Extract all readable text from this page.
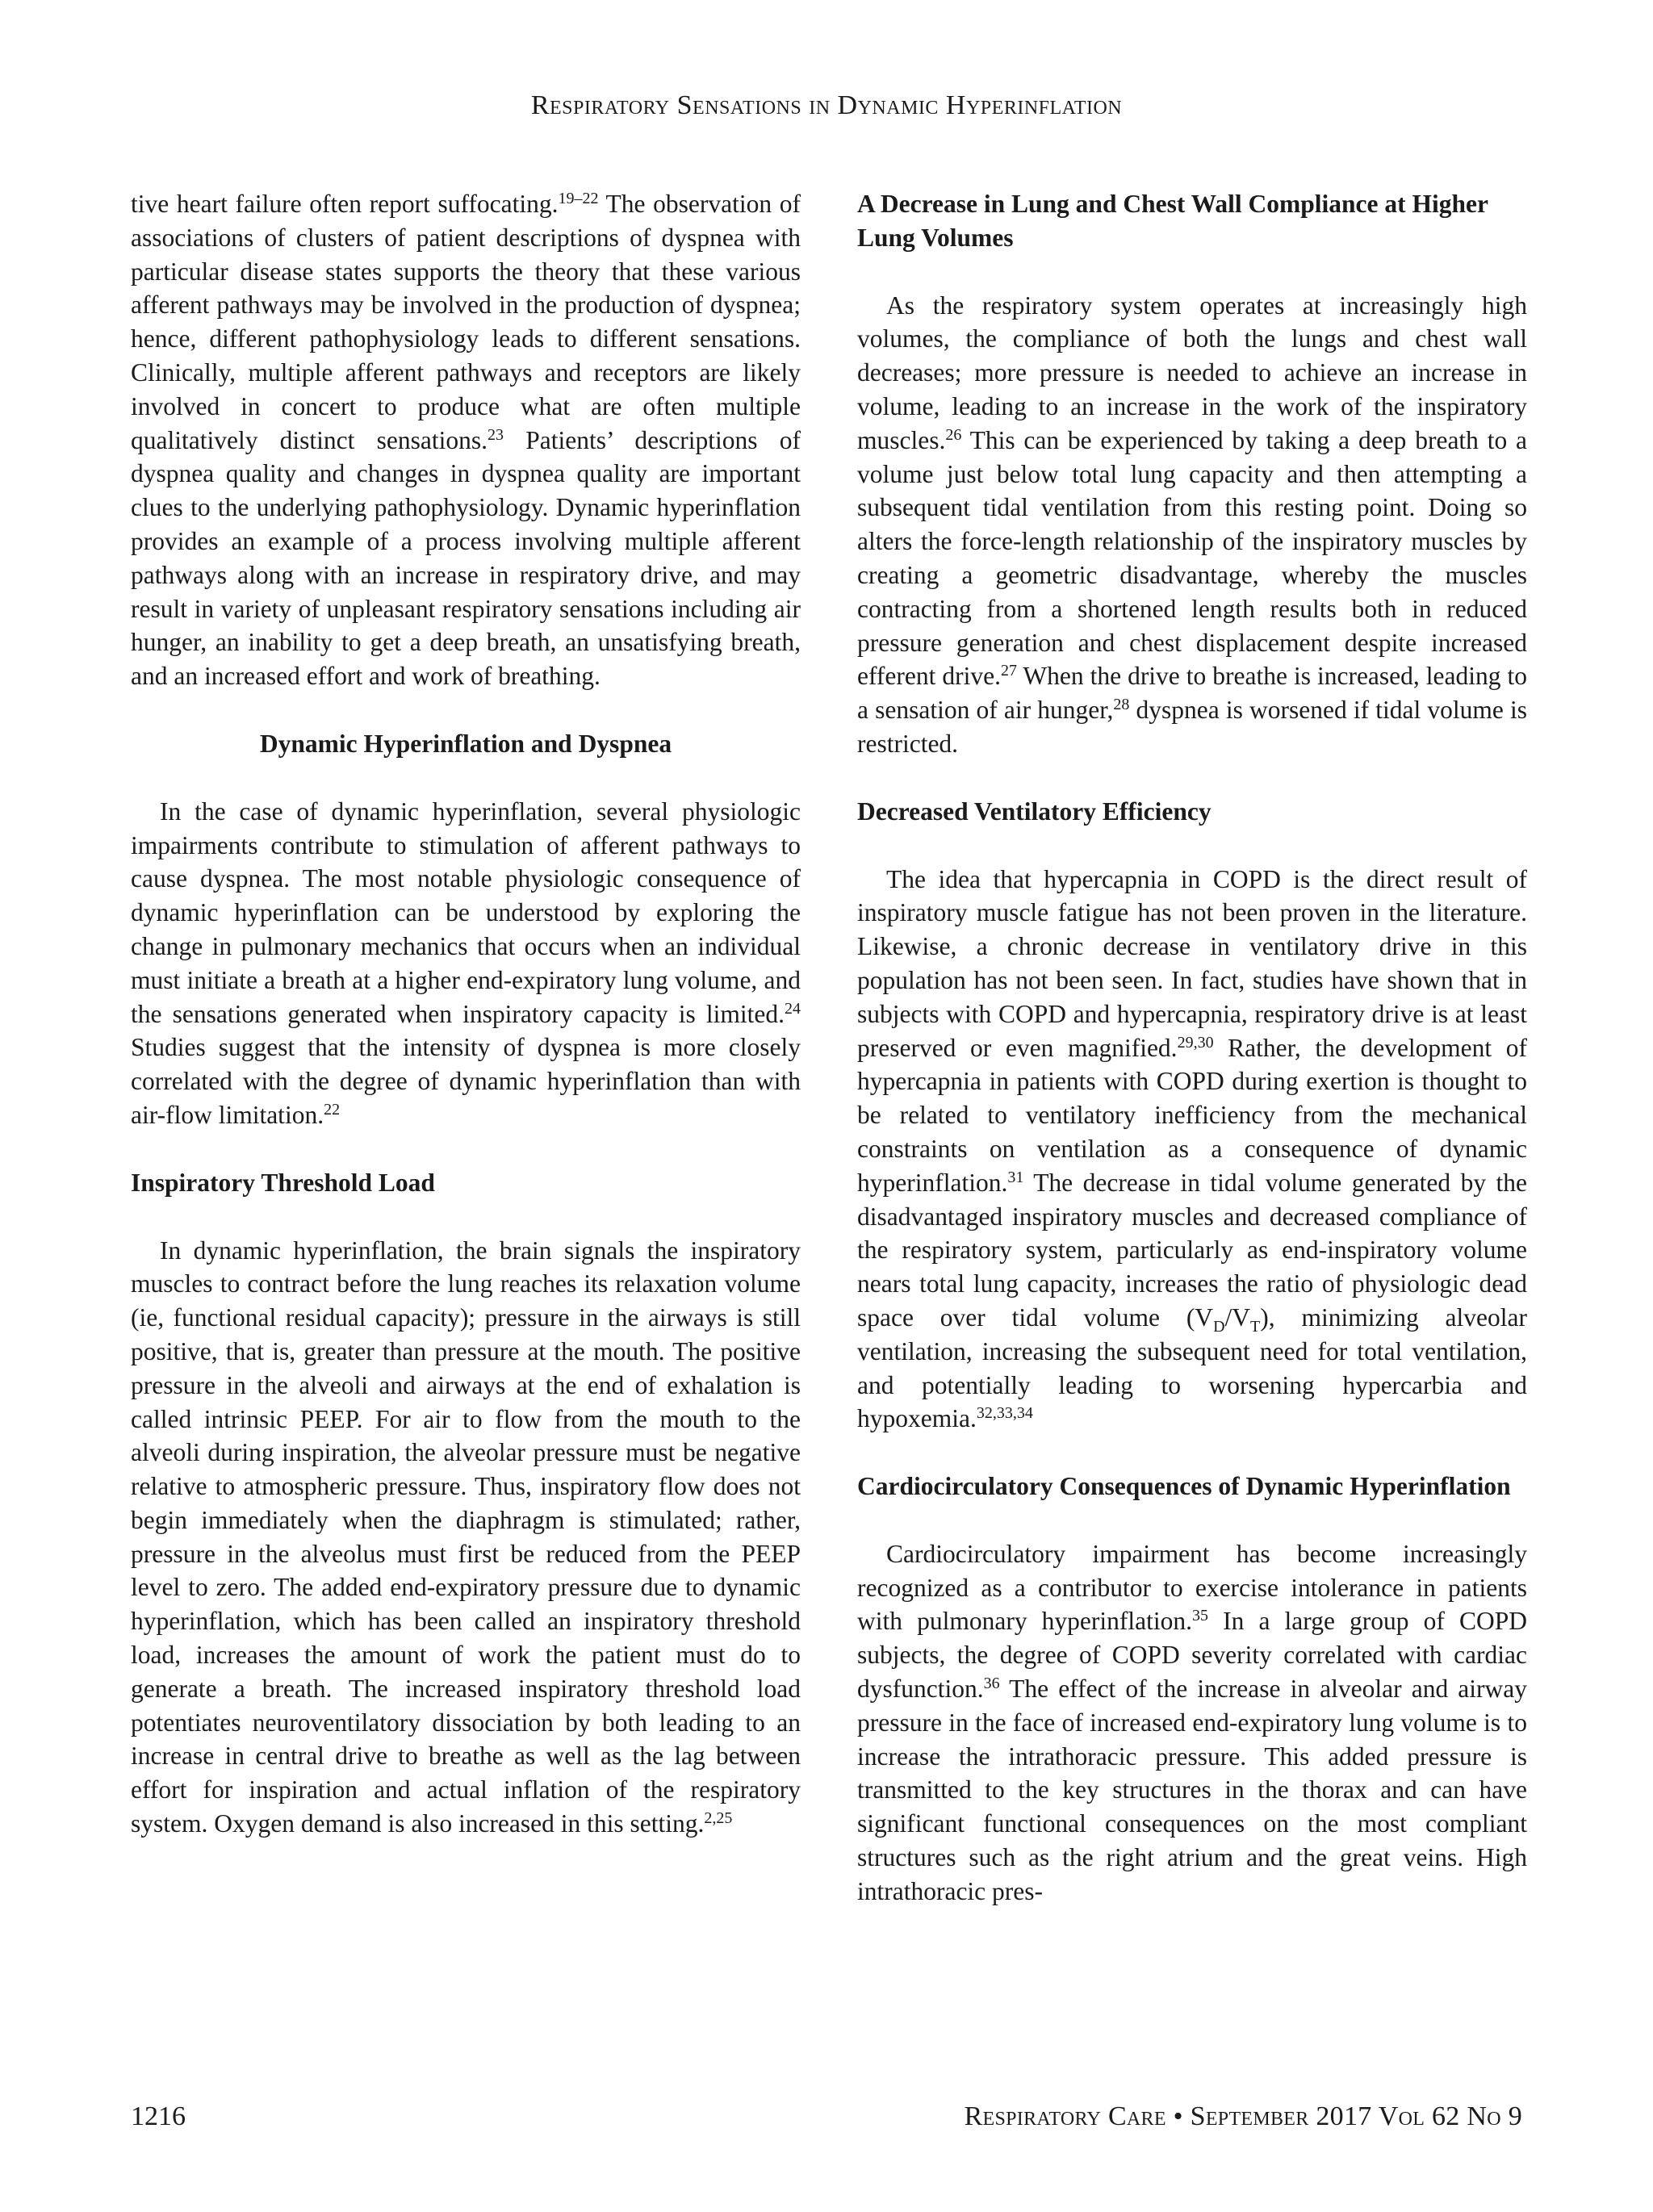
Respiratory Sensations in Dynamic Hyperinflation

tive heart failure often report suffocating.$^{19-22}$ The observation of associations of clusters of patient descriptions of dyspnea with particular disease states supports the theory that these various afferent pathways may be involved in the production of dyspnea; hence, different pathophysiology leads to different sensations. Clinically, multiple afferent pathways and receptors are likely involved in concert to produce what are often multiple qualitatively distinct sensations.$^{23}$ Patients’ descriptions of dyspnea quality and changes in dyspnea quality are important clues to the underlying pathophysiology. Dynamic hyperinflation provides an example of a process involving multiple afferent pathways along with an increase in respiratory drive, and may result in variety of unpleasant respiratory sensations including air hunger, an inability to get a deep breath, an unsatisfying breath, and an increased effort and work of breathing.

Dynamic Hyperinflation and Dyspnea

In the case of dynamic hyperinflation, several physiologic impairments contribute to stimulation of afferent pathways to cause dyspnea. The most notable physiologic consequence of dynamic hyperinflation can be understood by exploring the change in pulmonary mechanics that occurs when an individual must initiate a breath at a higher end-expiratory lung volume, and the sensations generated when inspiratory capacity is limited.$^{24}$ Studies suggest that the intensity of dyspnea is more closely correlated with the degree of dynamic hyperinflation than with air-flow limitation.$^{22}$

Inspiratory Threshold Load

In dynamic hyperinflation, the brain signals the inspiratory muscles to contract before the lung reaches its relaxation volume (ie, functional residual capacity); pressure in the airways is still positive, that is, greater than pressure at the mouth. The positive pressure in the alveoli and airways at the end of exhalation is called intrinsic PEEP. For air to flow from the mouth to the alveoli during inspiration, the alveolar pressure must be negative relative to atmospheric pressure. Thus, inspiratory flow does not begin immediately when the diaphragm is stimulated; rather, pressure in the alveolus must first be reduced from the PEEP level to zero. The added end-expiratory pressure due to dynamic hyperinflation, which has been called an inspiratory threshold load, increases the amount of work the patient must do to generate a breath. The increased inspiratory threshold load potentiates neuroventilatory dissociation by both leading to an increase in central drive to breathe as well as the lag between effort for inspiration and actual inflation of the respiratory system. Oxygen demand is also increased in this setting.$^{2,25}$

A Decrease in Lung and Chest Wall Compliance at Higher Lung Volumes

As the respiratory system operates at increasingly high volumes, the compliance of both the lungs and chest wall decreases; more pressure is needed to achieve an increase in volume, leading to an increase in the work of the inspiratory muscles.$^{26}$ This can be experienced by taking a deep breath to a volume just below total lung capacity and then attempting a subsequent tidal ventilation from this resting point. Doing so alters the force-length relationship of the inspiratory muscles by creating a geometric disadvantage, whereby the muscles contracting from a shortened length results both in reduced pressure generation and chest displacement despite increased efferent drive.$^{27}$ When the drive to breathe is increased, leading to a sensation of air hunger,$^{28}$ dyspnea is worsened if tidal volume is restricted.

Decreased Ventilatory Efficiency

The idea that hypercapnia in COPD is the direct result of inspiratory muscle fatigue has not been proven in the literature. Likewise, a chronic decrease in ventilatory drive in this population has not been seen. In fact, studies have shown that in subjects with COPD and hypercapnia, respiratory drive is at least preserved or even magnified.$^{29,30}$ Rather, the development of hypercapnia in patients with COPD during exertion is thought to be related to ventilatory inefficiency from the mechanical constraints on ventilation as a consequence of dynamic hyperinflation.$^{31}$ The decrease in tidal volume generated by the disadvantaged inspiratory muscles and decreased compliance of the respiratory system, particularly as end-inspiratory volume nears total lung capacity, increases the ratio of physiologic dead space over tidal volume $(V_D/V_T)$, minimizing alveolar ventilation, increasing the subsequent need for total ventilation, and potentially leading to worsening hypercarbia and hypoxemia.$^{32,33,34}$

Cardiocirculatory Consequences of Dynamic Hyperinflation

Cardiocirculatory impairment has become increasingly recognized as a contributor to exercise intolerance in patients with pulmonary hyperinflation.$^{35}$ In a large group of COPD subjects, the degree of COPD severity correlated with cardiac dysfunction.$^{36}$ The effect of the increase in alveolar and airway pressure in the face of increased end-expiratory lung volume is to increase the intrathoracic pressure. This added pressure is transmitted to the key structures in the thorax and can have significant functional consequences on the most compliant structures such as the right atrium and the great veins. High intrathoracic pres-

1216	Respiratory Care • September 2017 Vol 62 No 9
